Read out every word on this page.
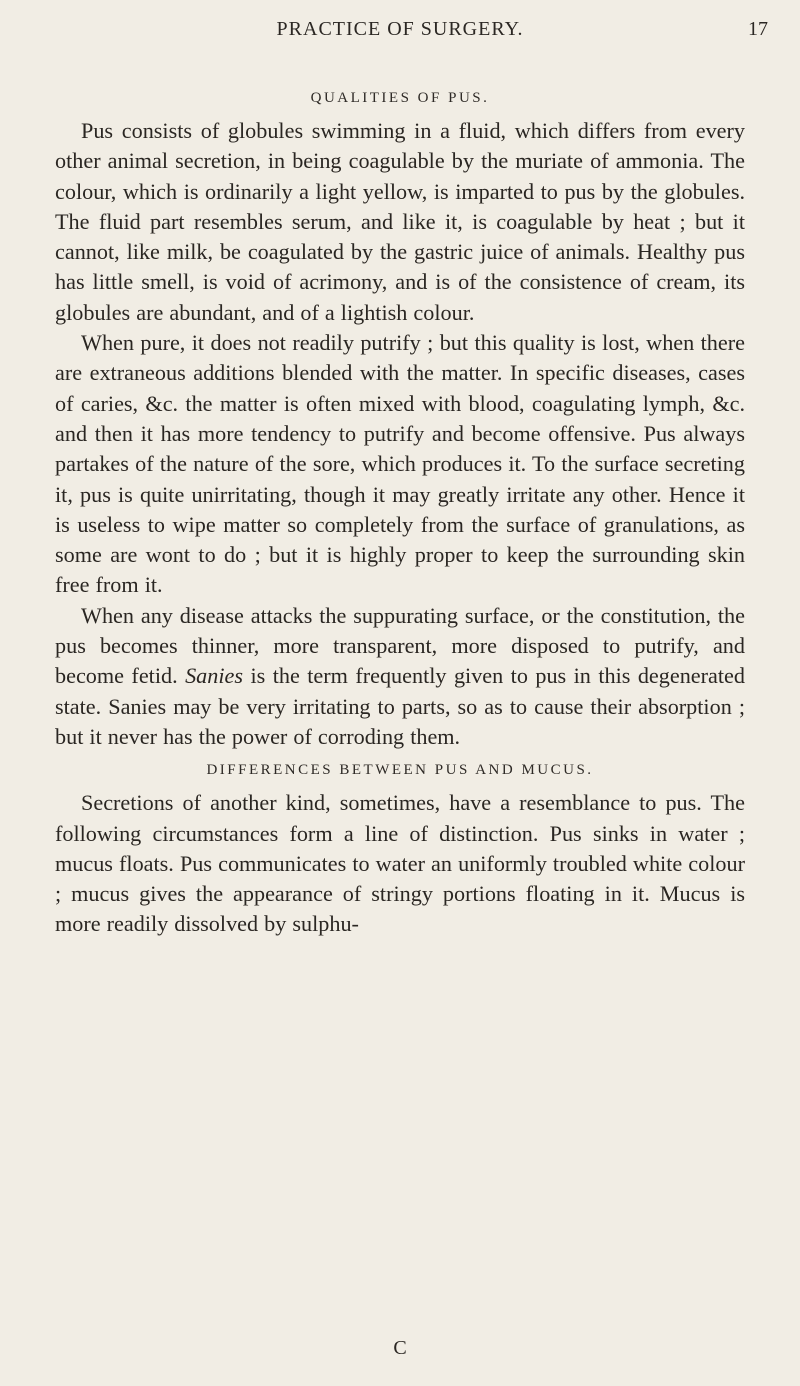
PRACTICE OF SURGERY.	17

QUALITIES OF PUS.

Pus consists of globules swimming in a fluid, which differs from every other animal secretion, in being coagulable by the muriate of ammonia. The colour, which is ordinarily a light yellow, is imparted to pus by the globules. The fluid part resembles serum, and like it, is coagulable by heat ; but it cannot, like milk, be coagulated by the gastric juice of animals. Healthy pus has little smell, is void of acrimony, and is of the consistence of cream, its globules are abundant, and of a lightish colour.

When pure, it does not readily putrify ; but this quality is lost, when there are extraneous additions blended with the matter. In specific diseases, cases of caries, &c. the matter is often mixed with blood, coagulating lymph, &c. and then it has more tendency to putrify and become offensive. Pus always partakes of the nature of the sore, which produces it. To the surface secreting it, pus is quite unirritating, though it may greatly irritate any other. Hence it is useless to wipe matter so completely from the surface of granulations, as some are wont to do ; but it is highly proper to keep the surrounding skin free from it.

When any disease attacks the suppurating surface, or the constitution, the pus becomes thinner, more transparent, more disposed to putrify, and become fetid. Sanies is the term frequently given to pus in this degenerated state. Sanies may be very irritating to parts, so as to cause their absorption ; but it never has the power of corroding them.

DIFFERENCES BETWEEN PUS AND MUCUS.

Secretions of another kind, sometimes, have a resemblance to pus. The following circumstances form a line of distinction. Pus sinks in water ; mucus floats. Pus communicates to water an uniformly troubled white colour ; mucus gives the appearance of stringy portions floating in it. Mucus is more readily dissolved by sulphu-

C
